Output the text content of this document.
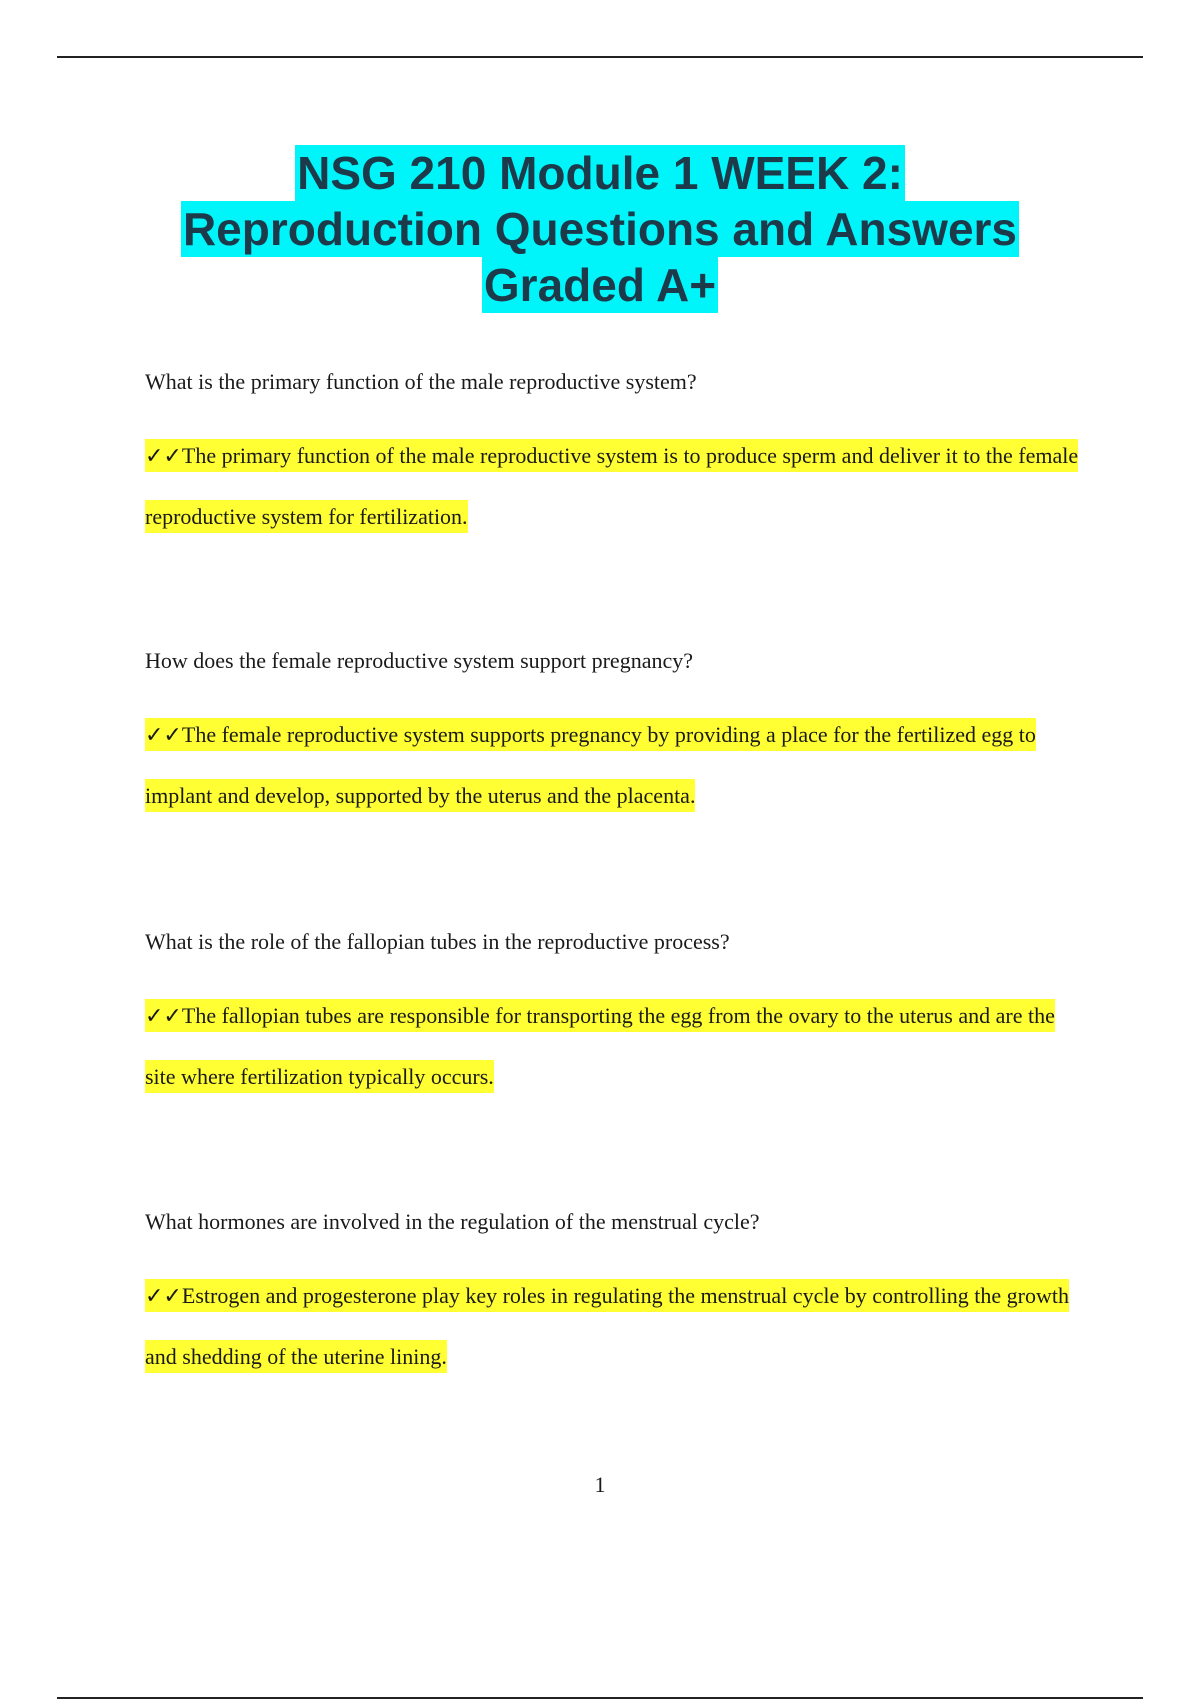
NSG 210 Module 1 WEEK 2:
Reproduction Questions and Answers
Graded A+

What is the primary function of the male reproductive system?

✓✓The primary function of the male reproductive system is to produce sperm and deliver it to the female reproductive system for fertilization.

How does the female reproductive system support pregnancy?

✓✓The female reproductive system supports pregnancy by providing a place for the fertilized egg to implant and develop, supported by the uterus and the placenta.

What is the role of the fallopian tubes in the reproductive process?

✓✓The fallopian tubes are responsible for transporting the egg from the ovary to the uterus and are the site where fertilization typically occurs.

What hormones are involved in the regulation of the menstrual cycle?

✓✓Estrogen and progesterone play key roles in regulating the menstrual cycle by controlling the growth and shedding of the uterine lining.

1
